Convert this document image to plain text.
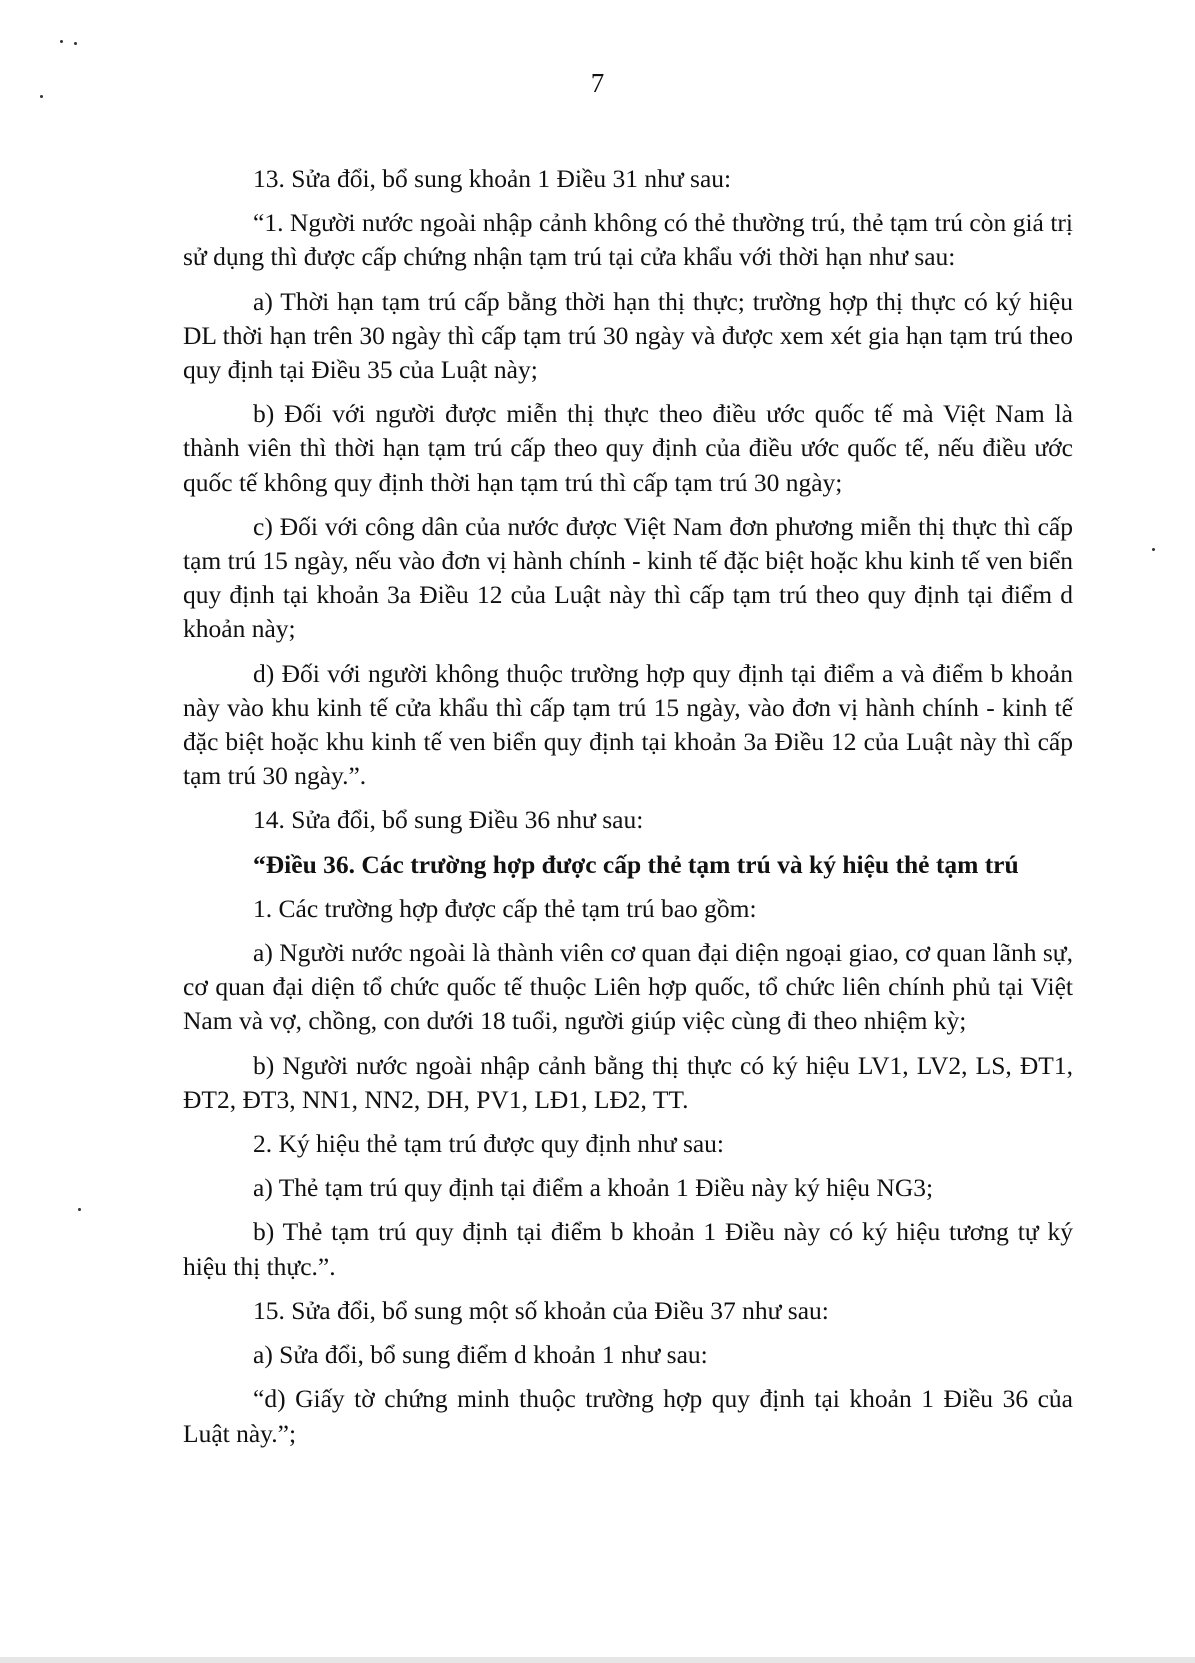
7

13. Sửa đổi, bổ sung khoản 1 Điều 31 như sau:

“1. Người nước ngoài nhập cảnh không có thẻ thường trú, thẻ tạm trú còn giá trị sử dụng thì được cấp chứng nhận tạm trú tại cửa khẩu với thời hạn như sau:

a) Thời hạn tạm trú cấp bằng thời hạn thị thực; trường hợp thị thực có ký hiệu DL thời hạn trên 30 ngày thì cấp tạm trú 30 ngày và được xem xét gia hạn tạm trú theo quy định tại Điều 35 của Luật này;

b) Đối với người được miễn thị thực theo điều ước quốc tế mà Việt Nam là thành viên thì thời hạn tạm trú cấp theo quy định của điều ước quốc tế, nếu điều ước quốc tế không quy định thời hạn tạm trú thì cấp tạm trú 30 ngày;

c) Đối với công dân của nước được Việt Nam đơn phương miễn thị thực thì cấp tạm trú 15 ngày, nếu vào đơn vị hành chính - kinh tế đặc biệt hoặc khu kinh tế ven biển quy định tại khoản 3a Điều 12 của Luật này thì cấp tạm trú theo quy định tại điểm d khoản này;

d) Đối với người không thuộc trường hợp quy định tại điểm a và điểm b khoản này vào khu kinh tế cửa khẩu thì cấp tạm trú 15 ngày, vào đơn vị hành chính - kinh tế đặc biệt hoặc khu kinh tế ven biển quy định tại khoản 3a Điều 12 của Luật này thì cấp tạm trú 30 ngày.”.

14. Sửa đổi, bổ sung Điều 36 như sau:

“Điều 36. Các trường hợp được cấp thẻ tạm trú và ký hiệu thẻ tạm trú

1. Các trường hợp được cấp thẻ tạm trú bao gồm:

a) Người nước ngoài là thành viên cơ quan đại diện ngoại giao, cơ quan lãnh sự, cơ quan đại diện tổ chức quốc tế thuộc Liên hợp quốc, tổ chức liên chính phủ tại Việt Nam và vợ, chồng, con dưới 18 tuổi, người giúp việc cùng đi theo nhiệm kỳ;

b) Người nước ngoài nhập cảnh bằng thị thực có ký hiệu LV1, LV2, LS, ĐT1, ĐT2, ĐT3, NN1, NN2, DH, PV1, LĐ1, LĐ2, TT.

2. Ký hiệu thẻ tạm trú được quy định như sau:

a) Thẻ tạm trú quy định tại điểm a khoản 1 Điều này ký hiệu NG3;

b) Thẻ tạm trú quy định tại điểm b khoản 1 Điều này có ký hiệu tương tự ký hiệu thị thực.”.

15. Sửa đổi, bổ sung một số khoản của Điều 37 như sau:

a) Sửa đổi, bổ sung điểm d khoản 1 như sau:

“d) Giấy tờ chứng minh thuộc trường hợp quy định tại khoản 1 Điều 36 của Luật này.”;
